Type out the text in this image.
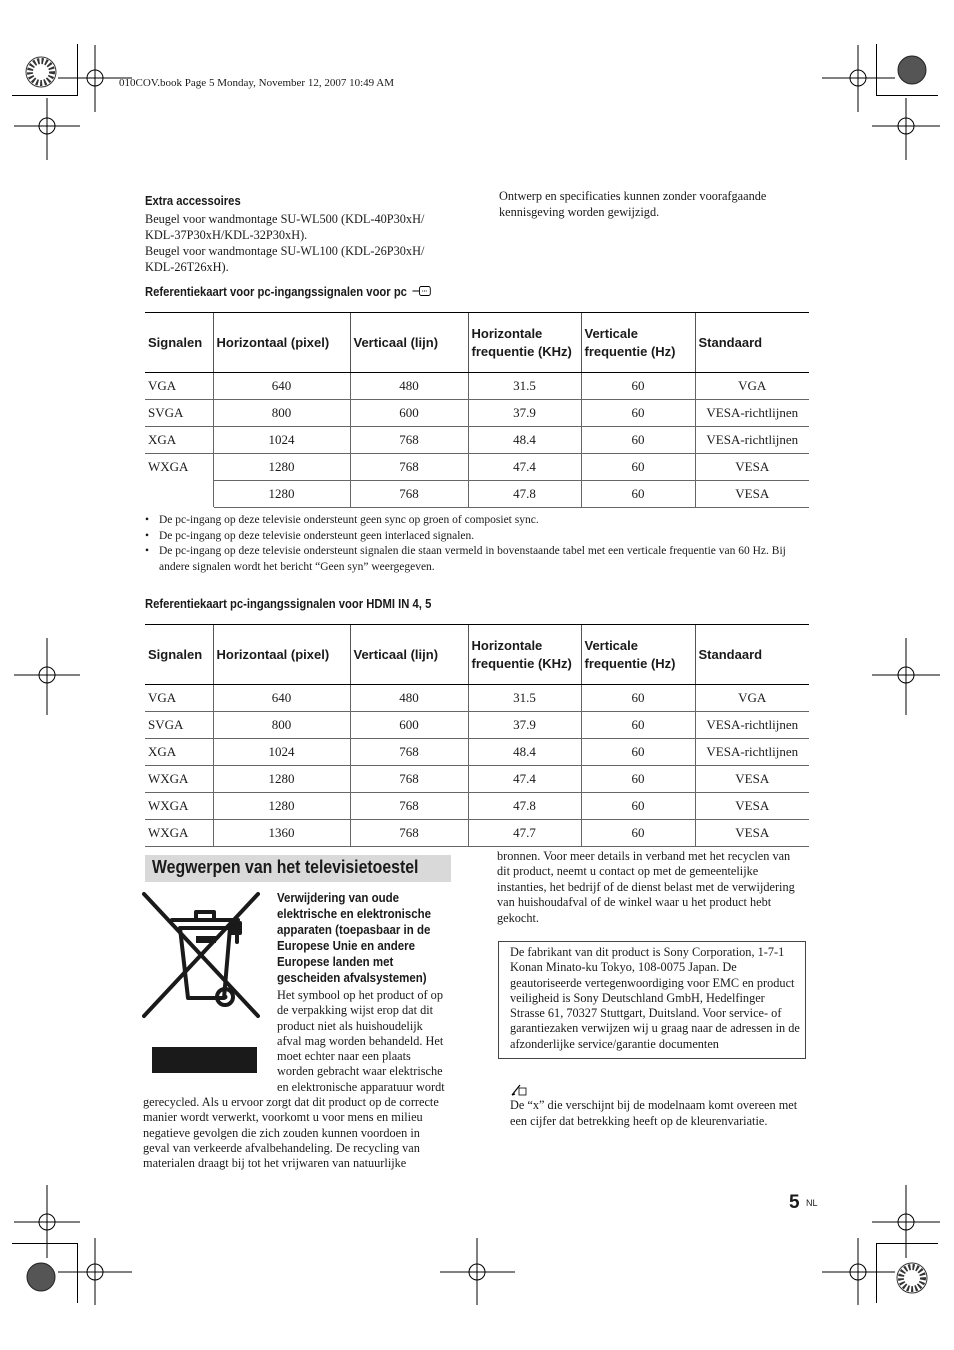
010COV.book Page 5 Monday, November 12, 2007 10:49 AM
Extra accessoires
Beugel voor wandmontage SU-WL500 (KDL-40P30xH/
KDL-37P30xH/KDL-32P30xH).
Beugel voor wandmontage SU-WL100 (KDL-26P30xH/
KDL-26T26xH).
Ontwerp en specificaties kunnen zonder voorafgaande
kennisgeving worden gewijzigd.
Referentiekaart voor pc-ingangssignalen voor pc
Signalen	Horizontaal (pixel)	Verticaal (lijn)	Horizontale frequentie (KHz)	Verticale frequentie (Hz)	Standaard
VGA	640	480	31.5	60	VGA
SVGA	800	600	37.9	60	VESA-richtlijnen
XGA	1024	768	48.4	60	VESA-richtlijnen
WXGA	1280	768	47.4	60	VESA
	1280	768	47.8	60	VESA
• De pc-ingang op deze televisie ondersteunt geen sync op groen of composiet sync.
• De pc-ingang op deze televisie ondersteunt geen interlaced signalen.
• De pc-ingang op deze televisie ondersteunt signalen die staan vermeld in bovenstaande tabel met een verticale frequentie van 60 Hz. Bij andere signalen wordt het bericht “Geen syn” weergegeven.
Referentiekaart pc-ingangssignalen voor HDMI IN 4, 5
Signalen	Horizontaal (pixel)	Verticaal (lijn)	Horizontale frequentie (KHz)	Verticale frequentie (Hz)	Standaard
VGA	640	480	31.5	60	VGA
SVGA	800	600	37.9	60	VESA-richtlijnen
XGA	1024	768	48.4	60	VESA-richtlijnen
WXGA	1280	768	47.4	60	VESA
WXGA	1280	768	47.8	60	VESA
WXGA	1360	768	47.7	60	VESA
Wegwerpen van het televisietoestel
Verwijdering van oude
elektrische en elektronische
apparaten (toepasbaar in de
Europese Unie en andere
Europese landen met
gescheiden afvalsystemen)
Het symbool op het product of op
de verpakking wijst erop dat dit
product niet als huishoudelijk
afval mag worden behandeld. Het
moet echter naar een plaats
worden gebracht waar elektrische
en elektronische apparatuur wordt
gerecycled. Als u ervoor zorgt dat dit product op de correcte
manier wordt verwerkt, voorkomt u voor mens en milieu
negatieve gevolgen die zich zouden kunnen voordoen in
geval van verkeerde afvalbehandeling. De recycling van
materialen draagt bij tot het vrijwaren van natuurlijke
bronnen. Voor meer details in verband met het recyclen van
dit product, neemt u contact op met de gemeentelijke
instanties, het bedrijf of de dienst belast met de verwijdering
van huishoudafval of de winkel waar u het product hebt
gekocht.
De fabrikant van dit product is Sony Corporation, 1-7-1
Konan Minato-ku Tokyo, 108-0075 Japan. De
geautoriseerde vertegenwoordiging voor EMC en product
veiligheid is Sony Deutschland GmbH, Hedelfinger
Strasse 61, 70327 Stuttgart, Duitsland. Voor service- of
garantiezaken verwijzen wij u graag naar de adressen in de
afzonderlijke service/garantie documenten
De “x” die verschijnt bij de modelnaam komt overeen met
een cijfer dat betrekking heeft op de kleurenvariatie.
5 NL
